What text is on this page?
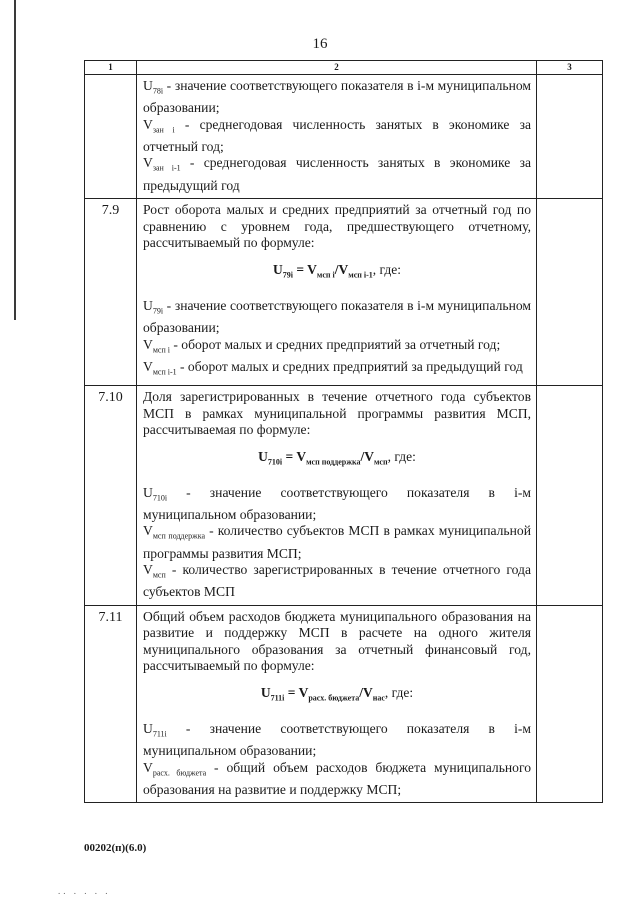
16
1	2	3

	$U_{78i}$ - значение соответствующего показателя в i-м муниципальном образовании;

$V_{зан i}$ - среднегодовая численность занятых в экономике за отчетный год;

$V_{зан i-1}$ - среднегодовая численность занятых в экономике за предыдущий год	

7.9	Рост оборота малых и средних предприятий за отчетный год по сравнению с уровнем года, предшествующего отчетному, рассчитываемый по формуле:

$U_{79i} = V_{мсп i}/V_{мсп i-1}$, где:

$U_{79i}$ - значение соответствующего показателя в i-м муниципальном образовании;

$V_{мсп i}$ - оборот малых и средних предприятий за отчетный год;

$V_{мсп i-1}$ - оборот малых и средних предприятий за предыдущий год	

7.10	Доля зарегистрированных в течение отчетного года субъектов МСП в рамках муниципальной программы развития МСП, рассчитываемая по формуле:

$U_{710i} = V_{мсп поддержка}/V_{мсп}$, где:

$U_{710i}$ - значение соответствующего показателя в i-м муниципальном образовании;

$V_{мсп поддержка}$ - количество субъектов МСП в рамках муниципальной программы развития МСП;

$V_{мсп}$ - количество зарегистрированных в течение отчетного года субъектов МСП	

7.11	Общий объем расходов бюджета муниципального образования на развитие и поддержку МСП в расчете на одного жителя муниципального образования за отчетный финансовый год, рассчитываемый по формуле:

$U_{711i} = V_{расх. бюджета}/V_{нас}$, где:

$U_{711i}$ - значение соответствующего показателя в i-м муниципальном образовании;

$V_{расх. бюджета}$ - общий объем расходов бюджета муниципального образования на развитие и поддержку МСП;	

00202(п)(6.0)
.. . . . .
